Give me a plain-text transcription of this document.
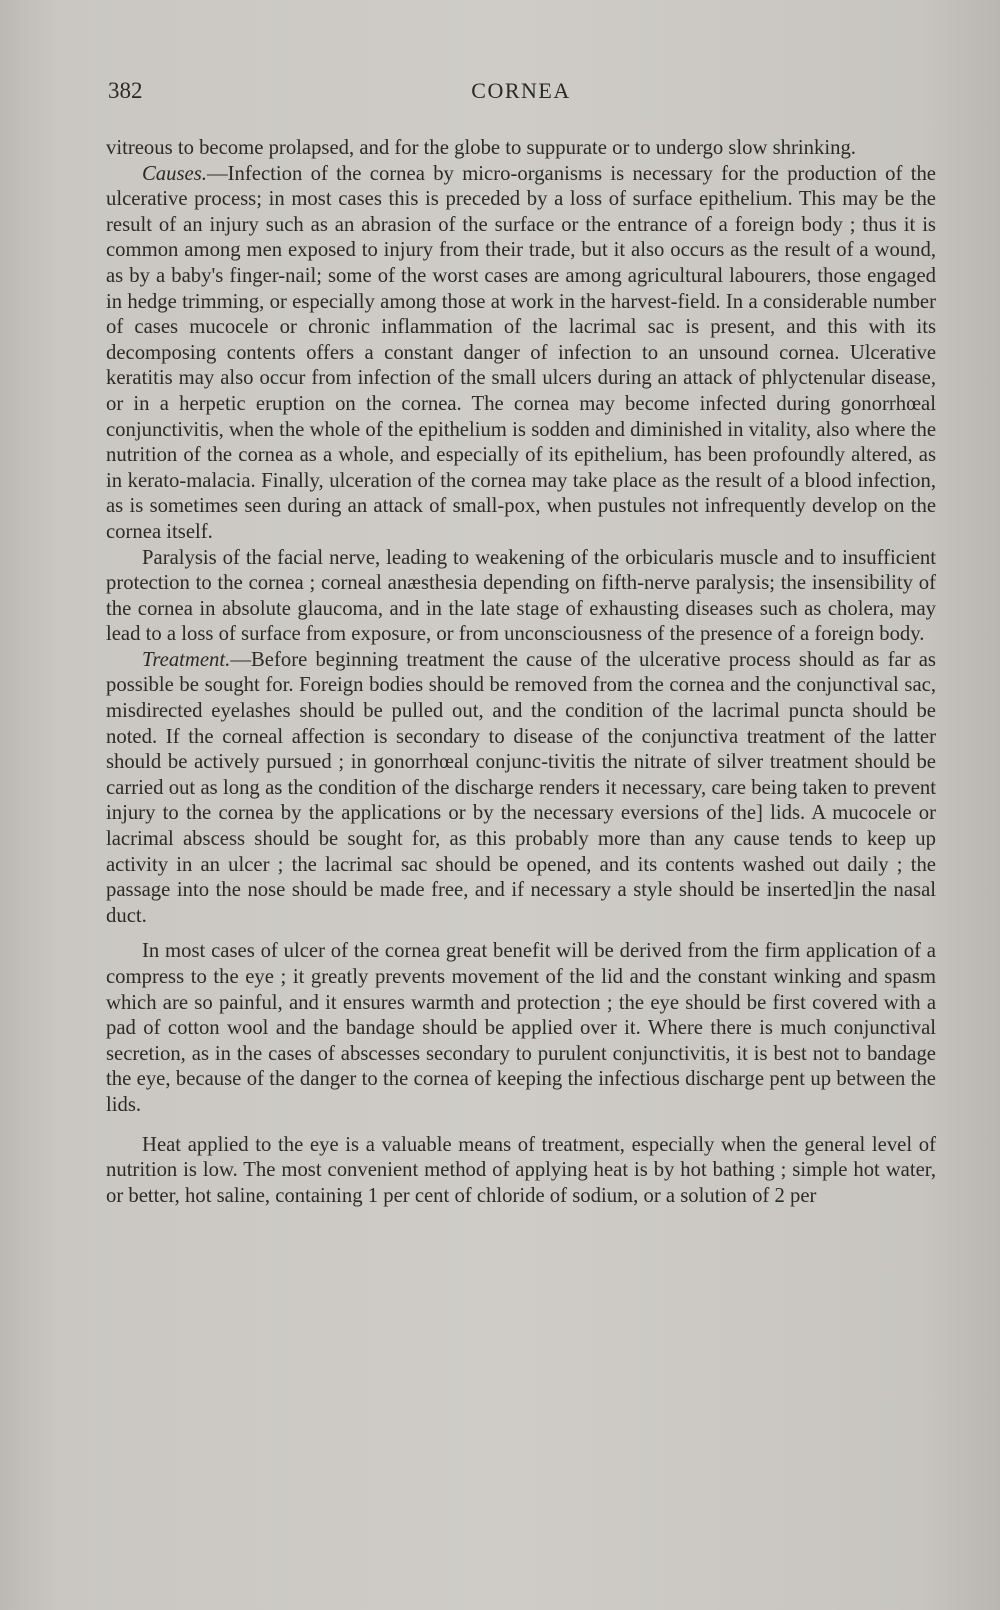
382	CORNEA

vitreous to become prolapsed, and for the globe to suppurate or to undergo slow shrinking.

Causes.—Infection of the cornea by micro-organisms is necessary for the production of the ulcerative process; in most cases this is preceded by a loss of surface epithelium. This may be the result of an injury such as an abrasion of the surface or the entrance of a foreign body ; thus it is common among men exposed to injury from their trade, but it also occurs as the result of a wound, as by a baby's finger-nail; some of the worst cases are among agricultural labourers, those engaged in hedge trimming, or especially among those at work in the harvest-field. In a considerable number of cases mucocele or chronic inflammation of the lacrimal sac is present, and this with its decomposing contents offers a constant danger of infection to an unsound cornea. Ulcerative keratitis may also occur from infection of the small ulcers during an attack of phlyctenular disease, or in a herpetic eruption on the cornea. The cornea may become infected during gonorrhœal conjunctivitis, when the whole of the epithelium is sodden and diminished in vitality, also where the nutrition of the cornea as a whole, and especially of its epithelium, has been profoundly altered, as in kerato-malacia. Finally, ulceration of the cornea may take place as the result of a blood infection, as is sometimes seen during an attack of small-pox, when pustules not infrequently develop on the cornea itself.

Paralysis of the facial nerve, leading to weakening of the orbicularis muscle and to insufficient protection to the cornea ; corneal anæsthesia depending on fifth-nerve paralysis; the insensibility of the cornea in absolute glaucoma, and in the late stage of exhausting diseases such as cholera, may lead to a loss of surface from exposure, or from unconsciousness of the presence of a foreign body.

Treatment.—Before beginning treatment the cause of the ulcerative process should as far as possible be sought for. Foreign bodies should be removed from the cornea and the conjunctival sac, misdirected eyelashes should be pulled out, and the condition of the lacrimal puncta should be noted. If the corneal affection is secondary to disease of the conjunctiva treatment of the latter should be actively pursued ; in gonorrhœal conjunc-tivitis the nitrate of silver treatment should be carried out as long as the condition of the discharge renders it necessary, care being taken to prevent injury to the cornea by the applications or by the necessary eversions of the] lids. A mucocele or lacrimal abscess should be sought for, as this probably more than any cause tends to keep up activity in an ulcer ; the lacrimal sac should be opened, and its contents washed out daily ; the passage into the nose should be made free, and if necessary a style should be inserted]in the nasal duct.

In most cases of ulcer of the cornea great benefit will be derived from the firm application of a compress to the eye ; it greatly prevents movement of the lid and the constant winking and spasm which are so painful, and it ensures warmth and protection ; the eye should be first covered with a pad of cotton wool and the bandage should be applied over it. Where there is much conjunctival secretion, as in the cases of abscesses secondary to purulent conjunctivitis, it is best not to bandage the eye, because of the danger to the cornea of keeping the infectious discharge pent up between the lids.

Heat applied to the eye is a valuable means of treatment, especially when the general level of nutrition is low. The most convenient method of applying heat is by hot bathing ; simple hot water, or better, hot saline, containing 1 per cent of chloride of sodium, or a solution of 2 per
